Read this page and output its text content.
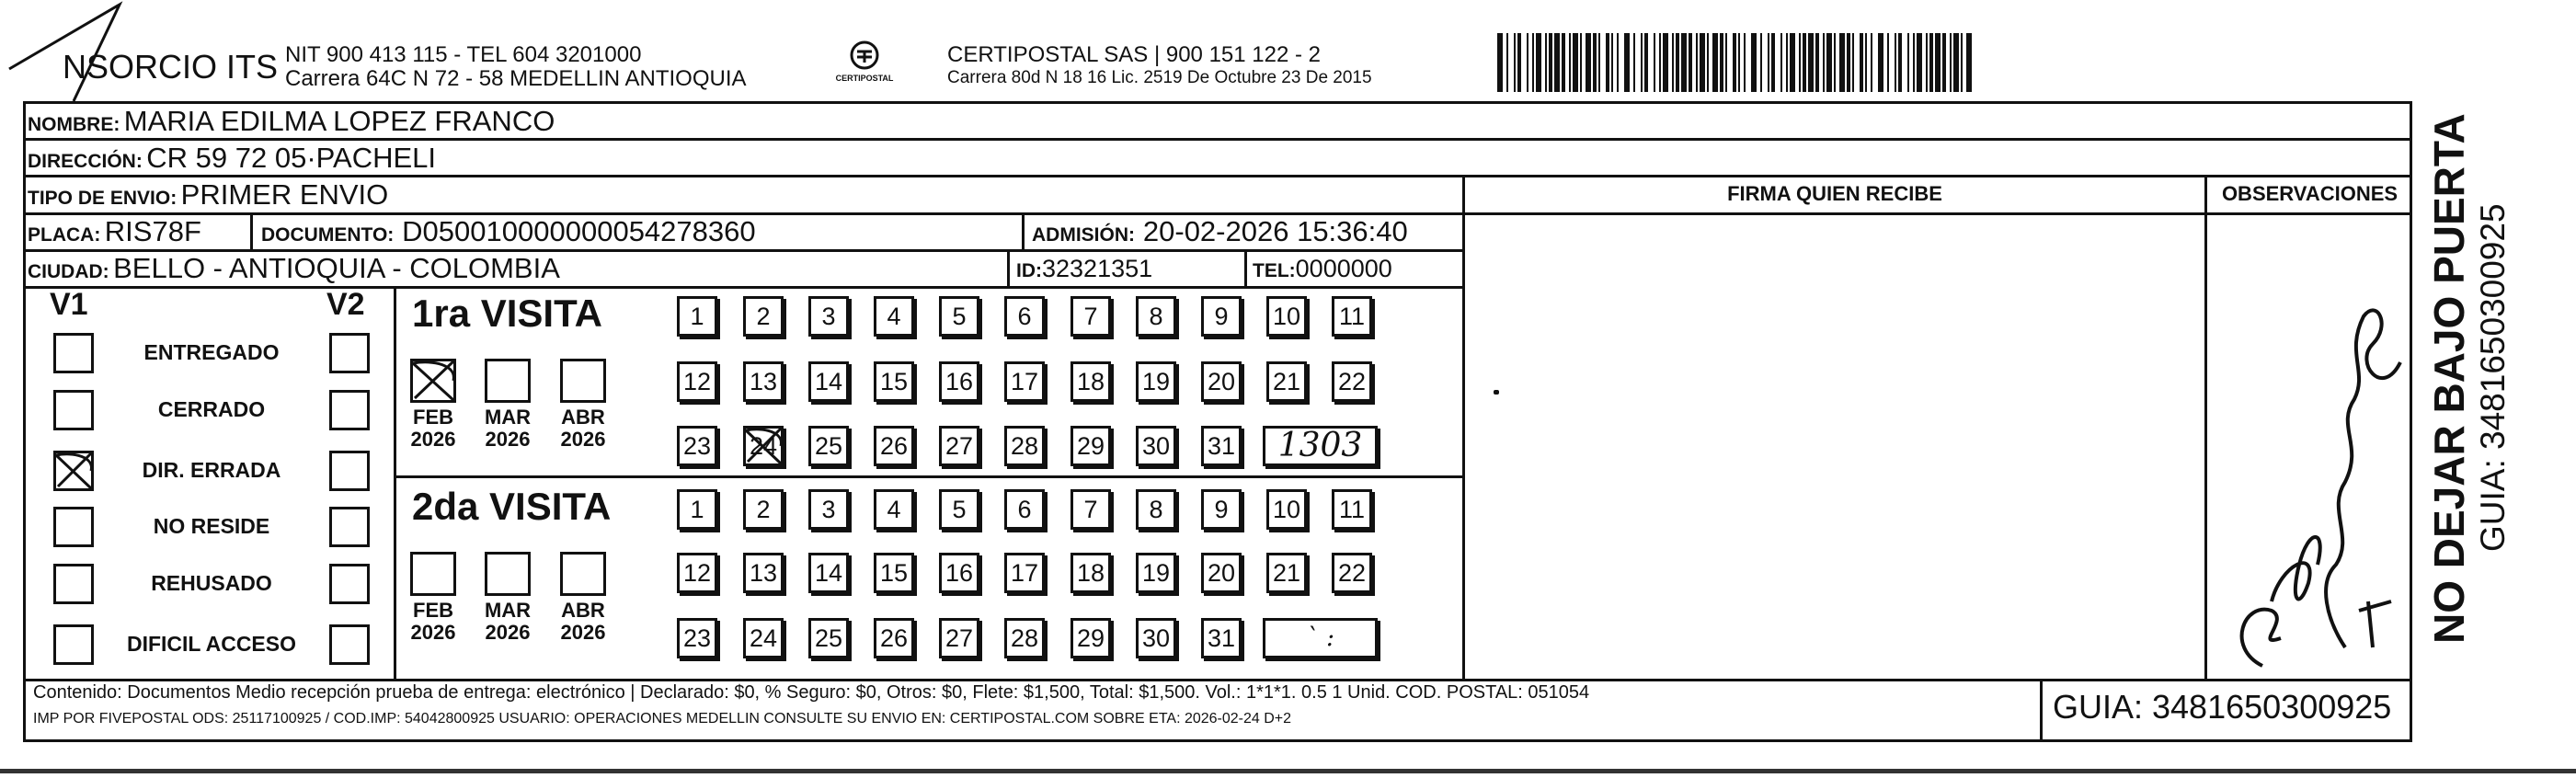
NSORCIO ITS NIT 900 413 115 - TEL 604 3201000
Carrera 64C N 72 - 58 MEDELLIN ANTIOQUIA	CERTIPOSTAL
CERTIPOSTAL SAS | 900 151 122 - 2
Carrera 80d N 18 16 Lic. 2519 De Octubre 23 De 2015
NOMBRE: MARIA EDILMA LOPEZ FRANCO
DIRECCIÓN: CR 59 72 05·PACHELI
TIPO DE ENVIO: PRIMER ENVIO	FIRMA QUIEN RECIBE	OBSERVACIONES
PLACA: RIS78F	DOCUMENTO: D050010000000054278360	ADMISIÓN: 20-02-2026 15:36:40
CIUDAD: BELLO - ANTIOQUIA - COLOMBIA	ID:32321351	TEL:0000000
V1	V2
ENTREGADO
CERRADO
DIR. ERRADA
NO RESIDE
REHUSADO
DIFICIL ACCESO
1ra VISITA
FEB
2026
MAR
2026
ABR
2026
1	2	3	4	5	6	7	8	9	10 11
12 13 14 15 16 17 18 19 20 21 22
23 24 25 26 27 28 29 30 31	1303
2da VISITA
FEB
2026
MAR
2026
ABR
2026
1	2	3	4	5	6	7	8	9	10 11
12 13 14 15 16 17 18 19 20 21 22
23 24 25 26 27 28 29 30 31	` :	NO DEJAR BAJO PUERTA GUIA: 3481650300925
Contenido: Documentos Medio recepción prueba de entrega: electrónico | Declarado: $0, % Seguro: $0, Otros: $0, Flete: $1,500, Total: $1,500. Vol.: 1*1*1. 0.5 1 Unid. COD. POSTAL: 051054
IMP POR FIVEPOSTAL ODS: 25117100925 / COD.IMP: 54042800925 USUARIO: OPERACIONES MEDELLIN CONSULTE SU ENVIO EN: CERTIPOSTAL.COM SOBRE ETA: 2026-02-24 D+2	GUIA: 3481650300925
